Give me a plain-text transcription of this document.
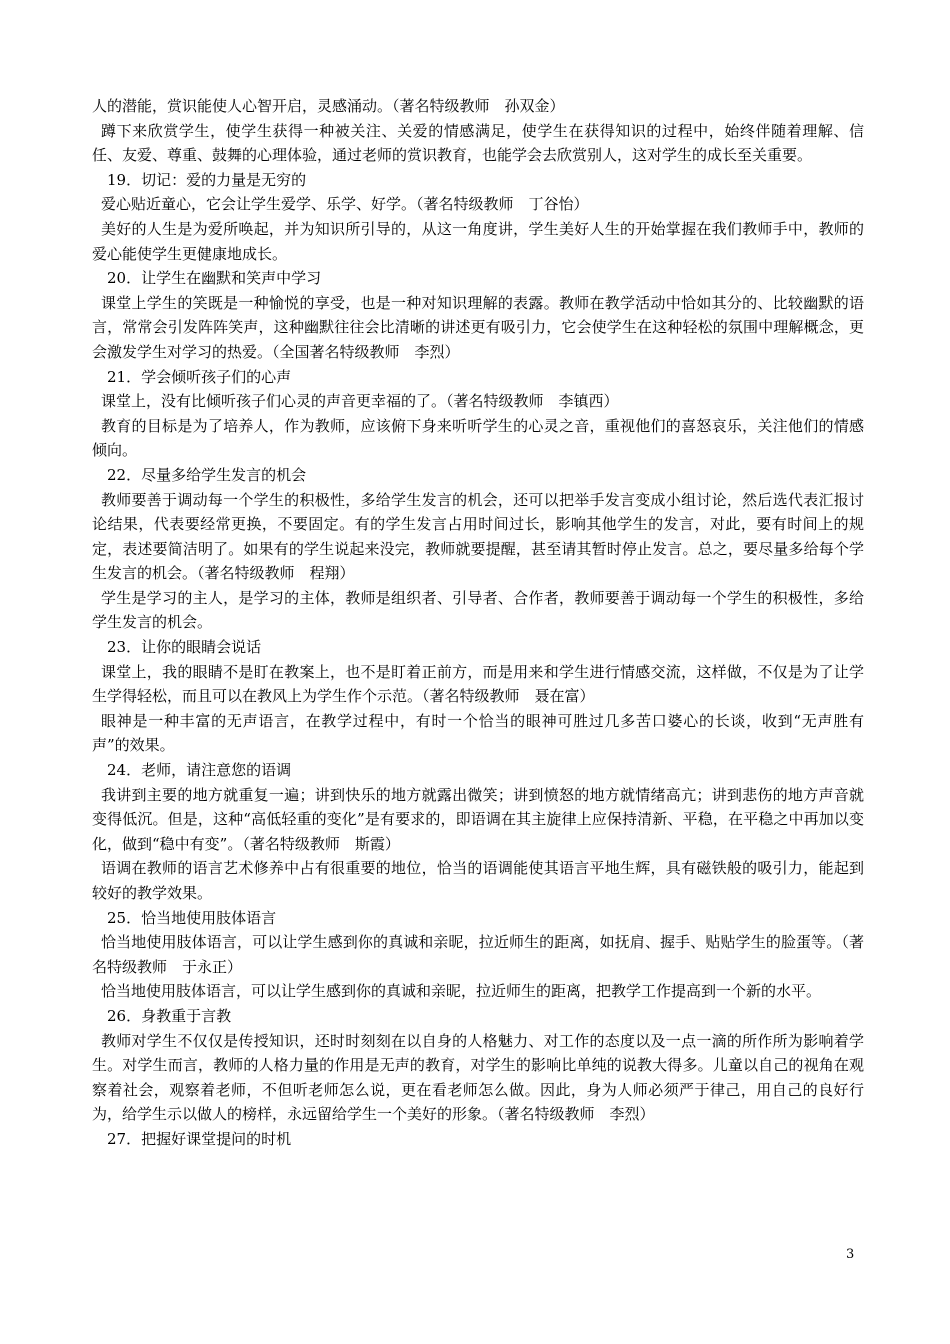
人的潜能，赏识能使人心智开启，灵感涌动。（著名特级教师　孙双金）

蹲下来欣赏学生，使学生获得一种被关注、关爱的情感满足，使学生在获得知识的过程中，始终伴随着理解、信任、友爱、尊重、鼓舞的心理体验，通过老师的赏识教育，也能学会去欣赏别人，这对学生的成长至关重要。

19．切记：爱的力量是无穷的

爱心贴近童心，它会让学生爱学、乐学、好学。（著名特级教师　丁谷怡）

美好的人生是为爱所唤起，并为知识所引导的，从这一角度讲，学生美好人生的开始掌握在我们教师手中，教师的爱心能使学生更健康地成长。

20．让学生在幽默和笑声中学习

课堂上学生的笑既是一种愉悦的享受，也是一种对知识理解的表露。教师在教学活动中恰如其分的、比较幽默的语言，常常会引发阵阵笑声，这种幽默往往会比清晰的讲述更有吸引力，它会使学生在这种轻松的氛围中理解概念，更会激发学生对学习的热爱。（全国著名特级教师　李烈）

21．学会倾听孩子们的心声

课堂上，没有比倾听孩子们心灵的声音更幸福的了。（著名特级教师　李镇西）

教育的目标是为了培养人，作为教师，应该俯下身来听听学生的心灵之音，重视他们的喜怒哀乐，关注他们的情感倾向。

22．尽量多给学生发言的机会

教师要善于调动每一个学生的积极性，多给学生发言的机会，还可以把举手发言变成小组讨论，然后选代表汇报讨论结果，代表要经常更换，不要固定。有的学生发言占用时间过长，影响其他学生的发言，对此，要有时间上的规定，表述要简洁明了。如果有的学生说起来没完，教师就要提醒，甚至请其暂时停止发言。总之，要尽量多给每个学生发言的机会。（著名特级教师　程翔）

学生是学习的主人，是学习的主体，教师是组织者、引导者、合作者，教师要善于调动每一个学生的积极性，多给学生发言的机会。

23．让你的眼睛会说话

课堂上，我的眼睛不是盯在教案上，也不是盯着正前方，而是用来和学生进行情感交流，这样做，不仅是为了让学生学得轻松，而且可以在教风上为学生作个示范。（著名特级教师　聂在富）

眼神是一种丰富的无声语言，在教学过程中，有时一个恰当的眼神可胜过几多苦口婆心的长谈，收到“无声胜有声”的效果。

24．老师，请注意您的语调

我讲到主要的地方就重复一遍；讲到快乐的地方就露出微笑；讲到愤怒的地方就情绪高亢；讲到悲伤的地方声音就变得低沉。但是，这种“高低轻重的变化”是有要求的，即语调在其主旋律上应保持清新、平稳，在平稳之中再加以变化，做到“稳中有变”。（著名特级教师　斯霞）

语调在教师的语言艺术修养中占有很重要的地位，恰当的语调能使其语言平地生辉，具有磁铁般的吸引力，能起到较好的教学效果。

25．恰当地使用肢体语言

恰当地使用肢体语言，可以让学生感到你的真诚和亲昵，拉近师生的距离，如抚肩、握手、贴贴学生的脸蛋等。（著名特级教师　于永正）

恰当地使用肢体语言，可以让学生感到你的真诚和亲昵，拉近师生的距离，把教学工作提高到一个新的水平。

26．身教重于言教

教师对学生不仅仅是传授知识，还时时刻刻在以自身的人格魅力、对工作的态度以及一点一滴的所作所为影响着学生。对学生而言，教师的人格力量的作用是无声的教育，对学生的影响比单纯的说教大得多。儿童以自己的视角在观察着社会，观察着老师，不但听老师怎么说，更在看老师怎么做。因此，身为人师必须严于律己，用自己的良好行为，给学生示以做人的榜样，永远留给学生一个美好的形象。（著名特级教师　李烈）

27．把握好课堂提问的时机

3
